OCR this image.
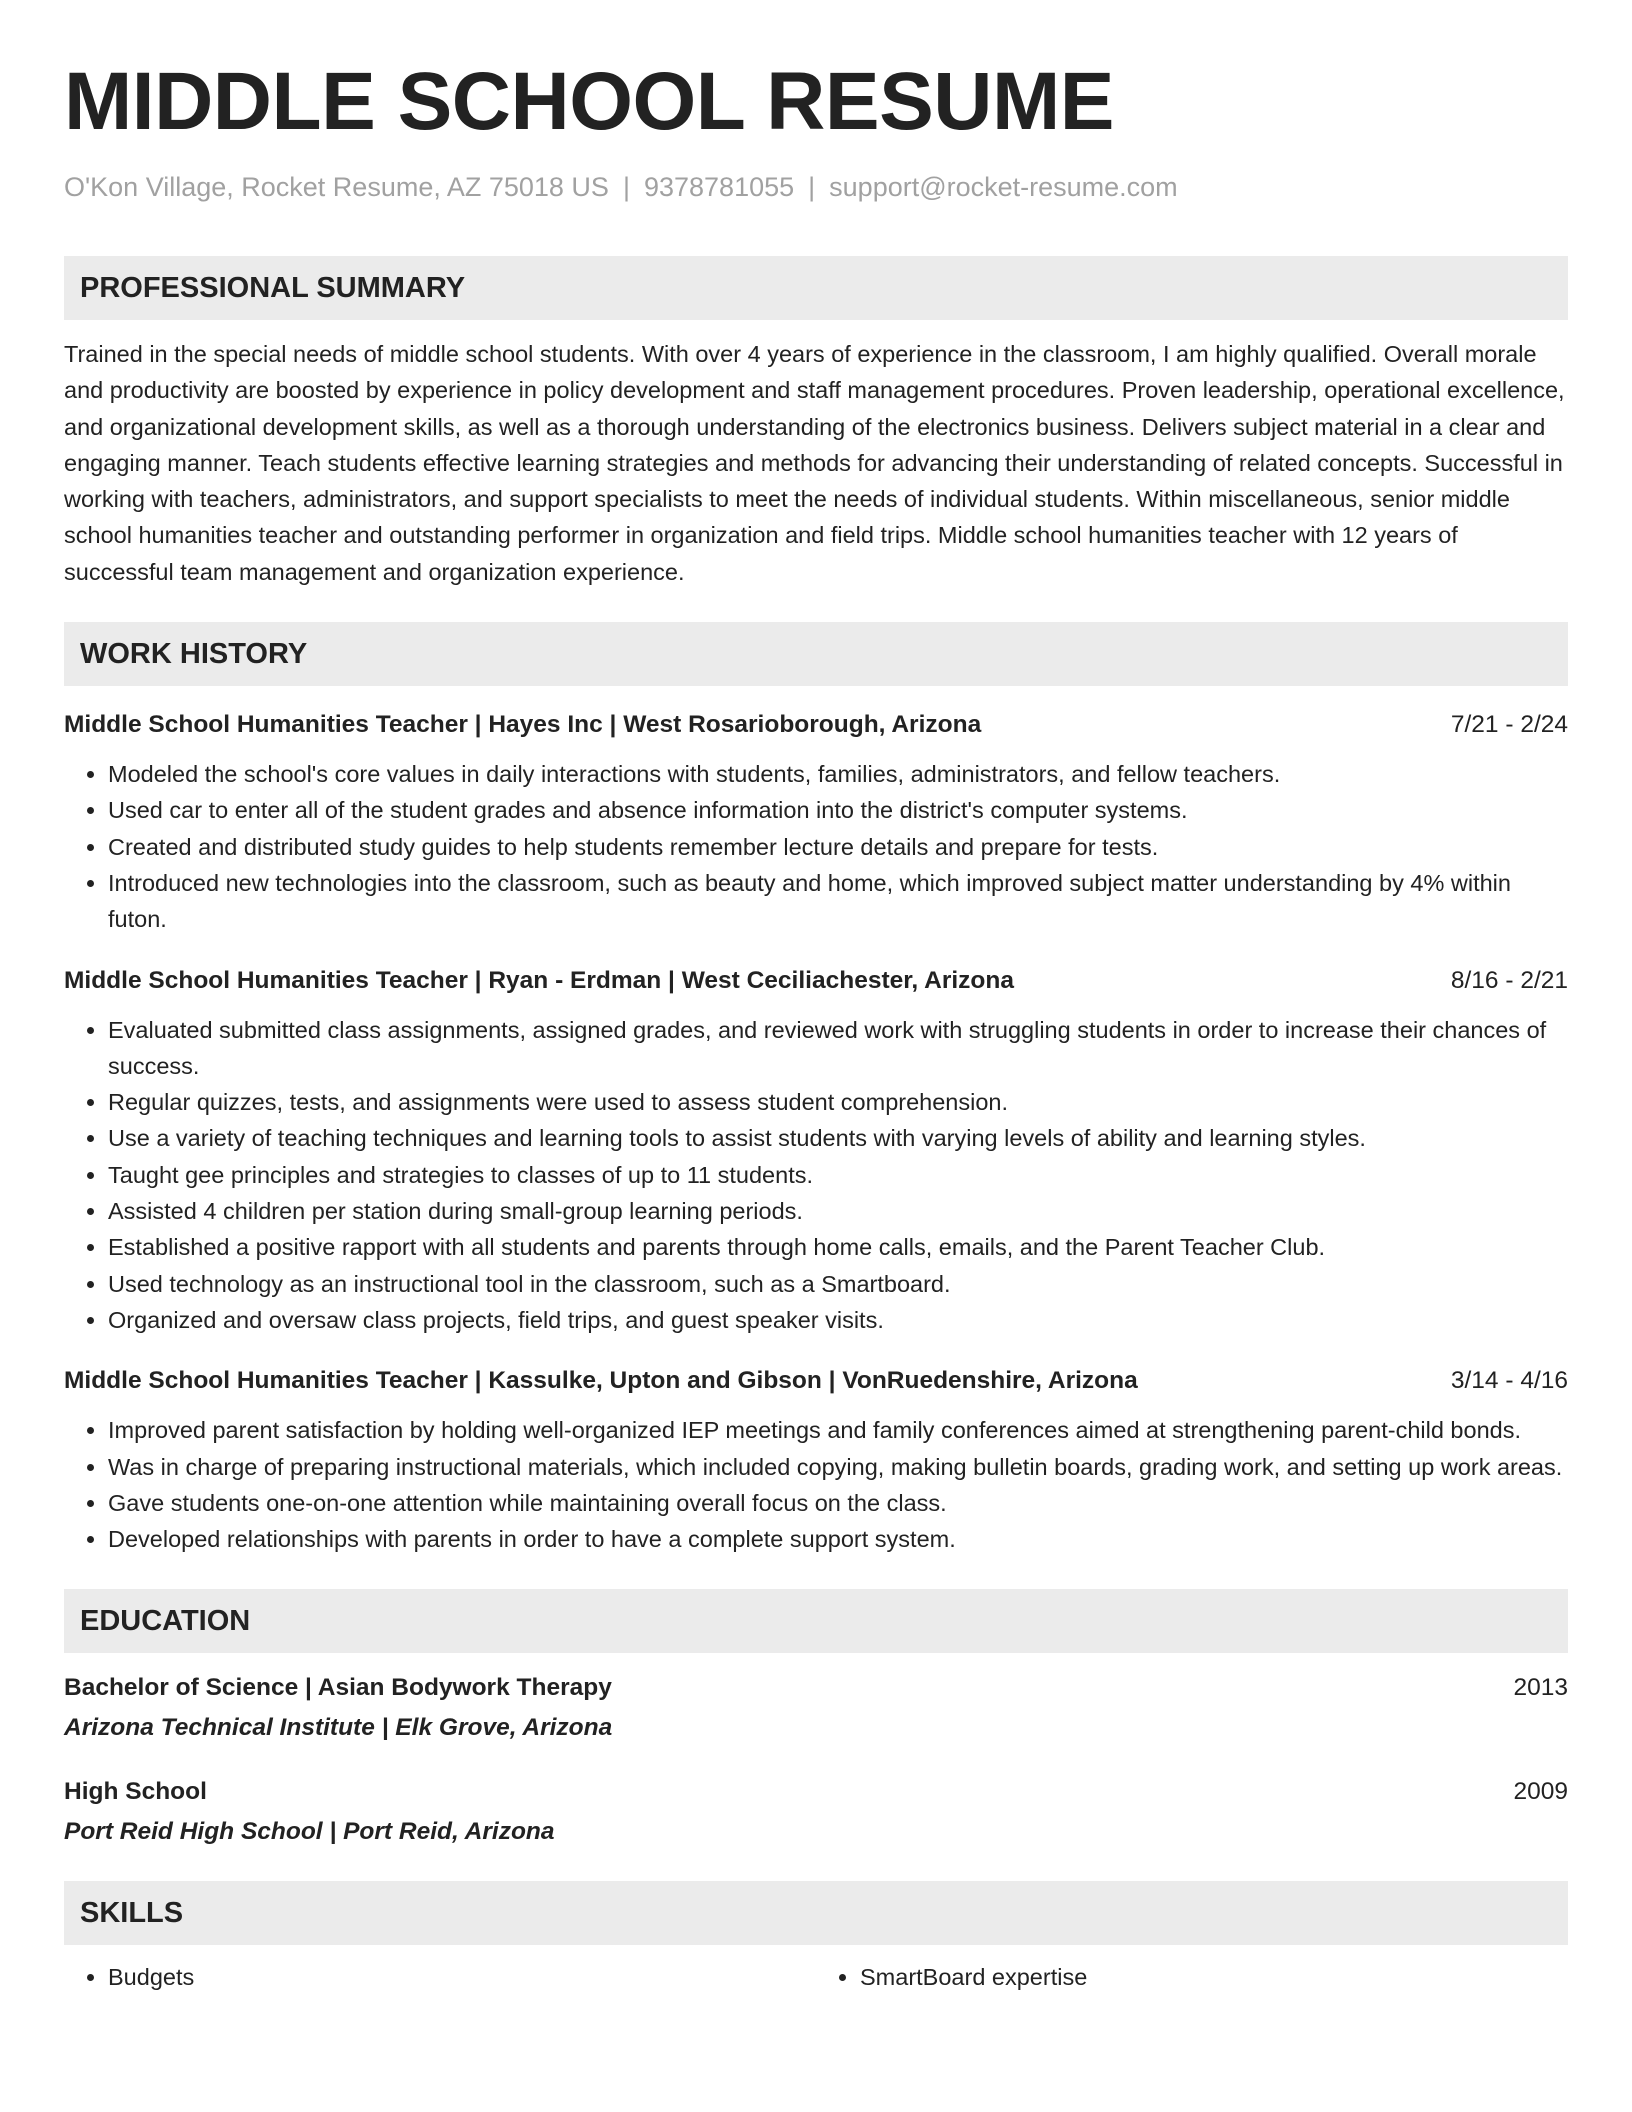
MIDDLE SCHOOL RESUME
O'Kon Village, Rocket Resume, AZ 75018 US | 9378781055 | support@rocket-resume.com
PROFESSIONAL SUMMARY
Trained in the special needs of middle school students. With over 4 years of experience in the classroom, I am highly qualified. Overall morale and productivity are boosted by experience in policy development and staff management procedures. Proven leadership, operational excellence, and organizational development skills, as well as a thorough understanding of the electronics business. Delivers subject material in a clear and engaging manner. Teach students effective learning strategies and methods for advancing their understanding of related concepts. Successful in working with teachers, administrators, and support specialists to meet the needs of individual students. Within miscellaneous, senior middle school humanities teacher and outstanding performer in organization and field trips. Middle school humanities teacher with 12 years of successful team management and organization experience.
WORK HISTORY
Middle School Humanities Teacher | Hayes Inc | West Rosarioborough, Arizona	7/21 - 2/24
• Modeled the school's core values in daily interactions with students, families, administrators, and fellow teachers.
• Used car to enter all of the student grades and absence information into the district's computer systems.
• Created and distributed study guides to help students remember lecture details and prepare for tests.
• Introduced new technologies into the classroom, such as beauty and home, which improved subject matter understanding by 4% within futon.
Middle School Humanities Teacher | Ryan - Erdman | West Ceciliachester, Arizona	8/16 - 2/21
• Evaluated submitted class assignments, assigned grades, and reviewed work with struggling students in order to increase their chances of success.
• Regular quizzes, tests, and assignments were used to assess student comprehension.
• Use a variety of teaching techniques and learning tools to assist students with varying levels of ability and learning styles.
• Taught gee principles and strategies to classes of up to 11 students.
• Assisted 4 children per station during small-group learning periods.
• Established a positive rapport with all students and parents through home calls, emails, and the Parent Teacher Club.
• Used technology as an instructional tool in the classroom, such as a Smartboard.
• Organized and oversaw class projects, field trips, and guest speaker visits.
Middle School Humanities Teacher | Kassulke, Upton and Gibson | VonRuedenshire, Arizona	3/14 - 4/16
• Improved parent satisfaction by holding well-organized IEP meetings and family conferences aimed at strengthening parent-child bonds.
• Was in charge of preparing instructional materials, which included copying, making bulletin boards, grading work, and setting up work areas.
• Gave students one-on-one attention while maintaining overall focus on the class.
• Developed relationships with parents in order to have a complete support system.
EDUCATION
Bachelor of Science | Asian Bodywork Therapy	2013
Arizona Technical Institute | Elk Grove, Arizona
High School	2009
Port Reid High School | Port Reid, Arizona
SKILLS
• Budgets
•	SmartBoard expertise
